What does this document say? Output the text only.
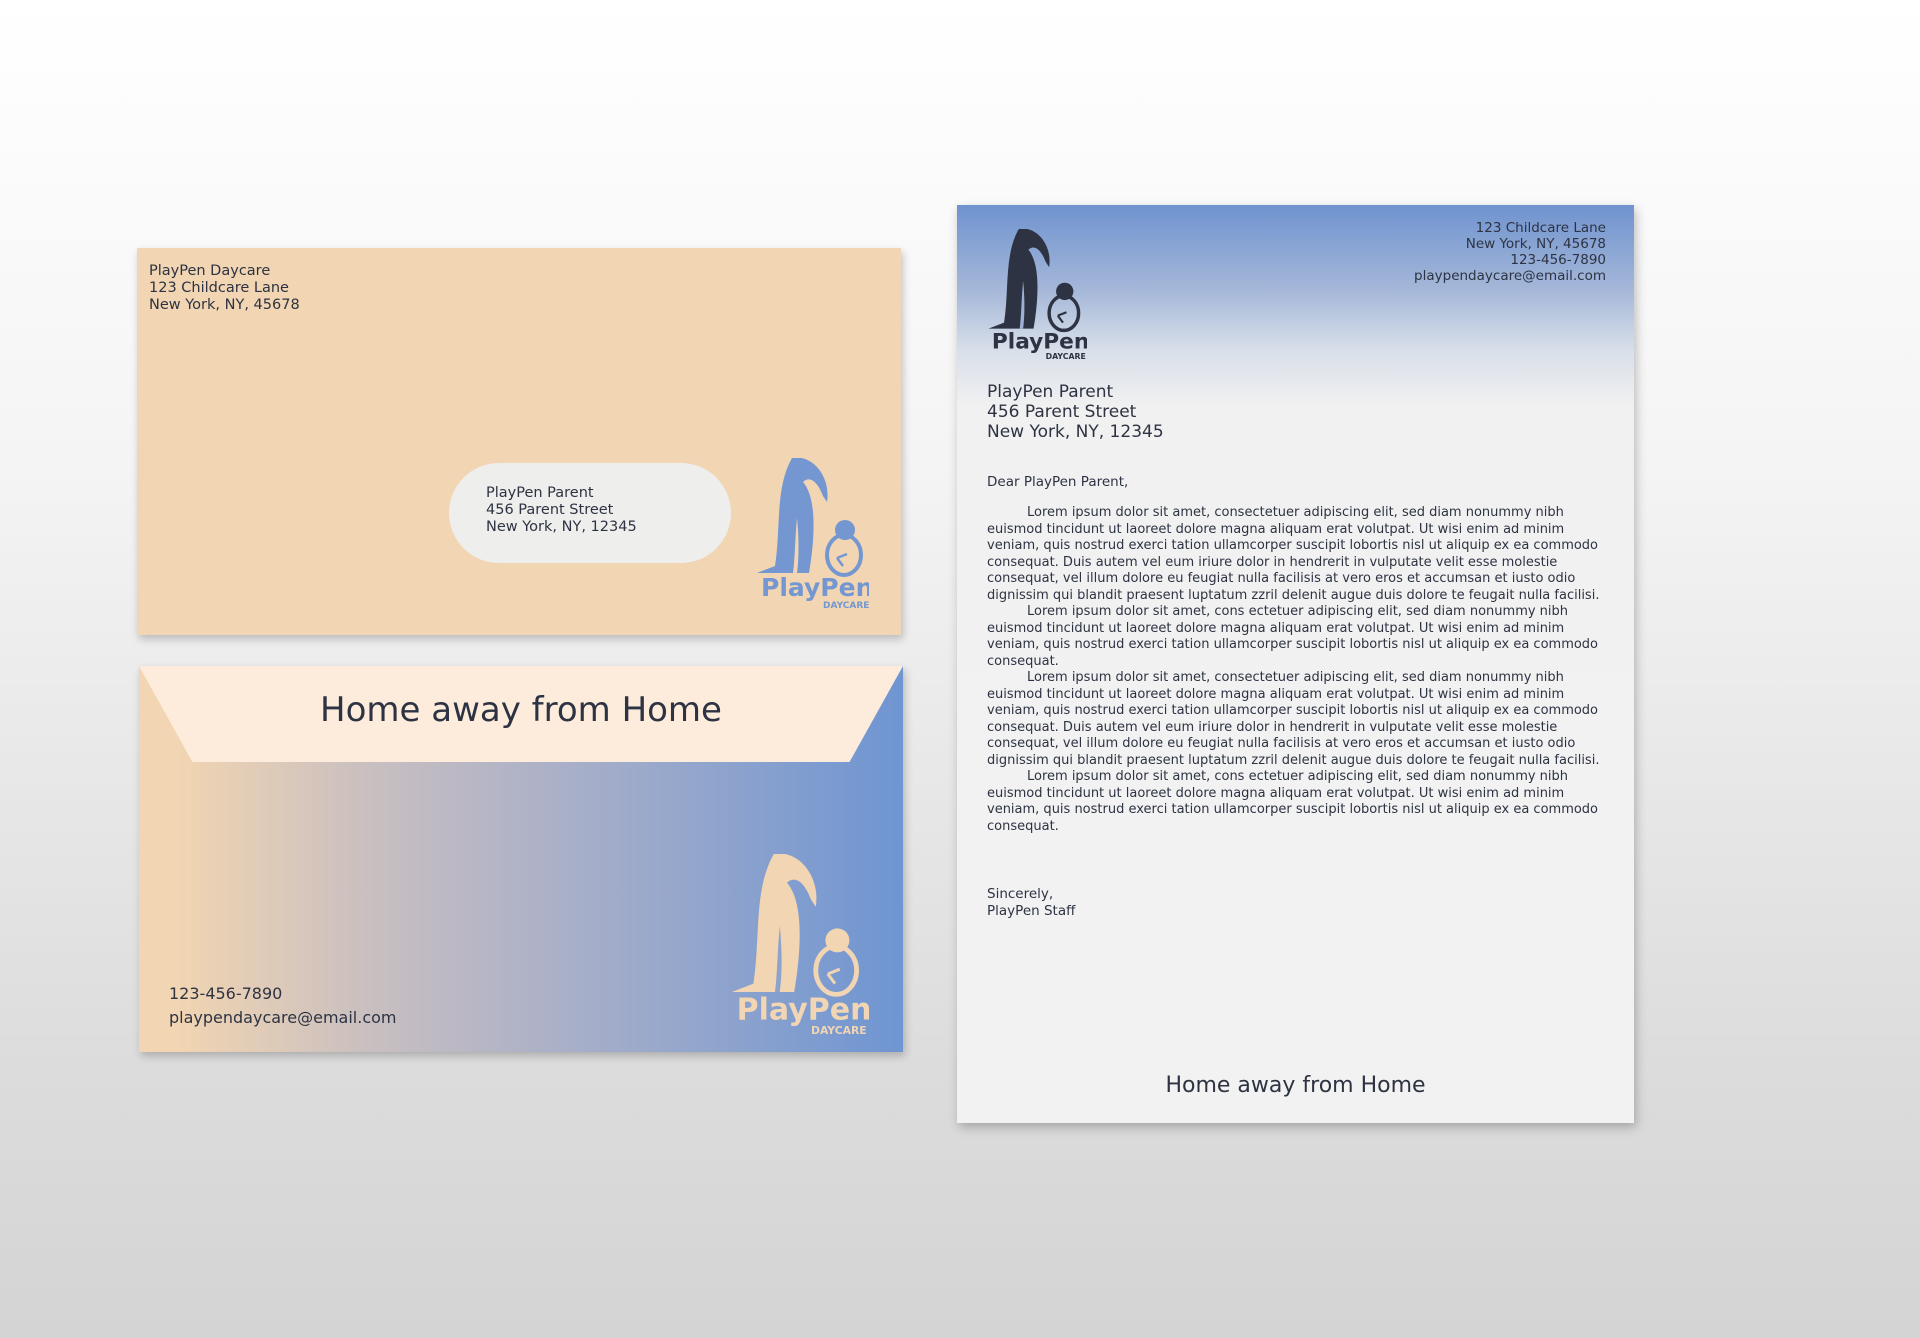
PlayPen Daycare
123 Childcare Lane
New York, NY, 45678
PlayPen Parent
456 Parent Street
New York, NY, 12345
PlayPen
DAYCARE
Home away from Home
123-456-7890
playpendaycare@email.com	PlayPen
DAYCARE
PlayPen
DAYCARE
123 Childcare Lane
New York, NY, 45678
123-456-7890
playpendaycare@email.com
PlayPen Parent
456 Parent Street
New York, NY, 12345
Dear PlayPen Parent,

Lorem ipsum dolor sit amet, consectetuer adipiscing elit, sed diam nonummy nibh euismod tincidunt ut laoreet dolore magna aliquam erat volutpat. Ut wisi enim ad minim veniam, quis nostrud exerci tation ullamcorper suscipit lobortis nisl ut aliquip ex ea commodo consequat. Duis autem vel eum iriure dolor in hendrerit in vulputate velit esse molestie consequat, vel illum dolore eu feugiat nulla facilisis at vero eros et accumsan et iusto odio dignissim qui blandit praesent luptatum zzril delenit augue duis dolore te feugait nulla facilisi.

Lorem ipsum dolor sit amet, cons ectetuer adipiscing elit, sed diam nonummy nibh euismod tincidunt ut laoreet dolore magna aliquam erat volutpat. Ut wisi enim ad minim veniam, quis nostrud exerci tation ullamcorper suscipit lobortis nisl ut aliquip ex ea commodo consequat.

Lorem ipsum dolor sit amet, consectetuer adipiscing elit, sed diam nonummy nibh euismod tincidunt ut laoreet dolore magna aliquam erat volutpat. Ut wisi enim ad minim veniam, quis nostrud exerci tation ullamcorper suscipit lobortis nisl ut aliquip ex ea commodo consequat. Duis autem vel eum iriure dolor in hendrerit in vulputate velit esse molestie consequat, vel illum dolore eu feugiat nulla facilisis at vero eros et accumsan et iusto odio dignissim qui blandit praesent luptatum zzril delenit augue duis dolore te feugait nulla facilisi.

Lorem ipsum dolor sit amet, cons ectetuer adipiscing elit, sed diam nonummy nibh euismod tincidunt ut laoreet dolore magna aliquam erat volutpat. Ut wisi enim ad minim veniam, quis nostrud exerci tation ullamcorper suscipit lobortis nisl ut aliquip ex ea commodo consequat.

Sincerely,
PlayPen Staff
Home away from Home
